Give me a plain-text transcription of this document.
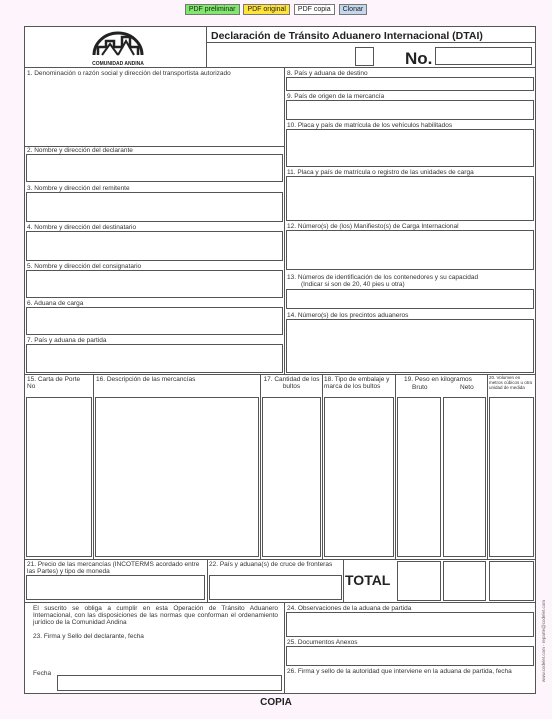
PDF preliminar PDF original PDF copia Clonar
COMUNIDAD ANDINA
Declaración de Tránsito Aduanero Internacional (DTAI)
No.
1. Denominación o razón social y dirección del transportista autorizado
2. Nombre y dirección del declarante
3. Nombre y dirección del remitente
4. Nombre y dirección del destinatario
5. Nombre y dirección del consignatario
6. Aduana de carga
7. País y aduana de partida
8. País y aduana de destino
9. País de origen de la mercancía
10. Placa y país de matrícula de los vehículos habilitados
11. Placa y país de matrícula o registro de las unidades de carga
12. Número(s) de (los) Manifiesto(s) de Carga Internacional
13. Números de identificación de los contenedores y su capacidad
(Indicar si son de 20, 40 pies u otra)
14. Número(s) de los precintos aduaneros
15. Carta de Porte No
16. Descripción de las mercancías	17. Cantidad de los bultos
18. Tipo de embalaje y marca de los bultos
19. Peso en kilogramos
Bruto	Neto
20. Volumen en metros cúbicos u otra unidad de medida
21. Precio de las mercancías (INCOTERMS acordado entre las Partes) y tipo de moneda
22. País y aduana(s) de cruce de fronteras
TOTAL
El suscrito se obliga a cumplir en esta Operación de Tránsito Aduanero Internacional, con las disposiciones de las normas que conforman el ordenamiento jurídico de la Comunidad Andina
23. Firma y Sello del declarante, fecha
Fecha
24. Observaciones de la aduana de partida
25. Documentos Anexos
26. Firma y sello de la autoridad que interviene en la aduana de partida, fecha	www.codelet.com - reparte@codelet.com
COPIA
